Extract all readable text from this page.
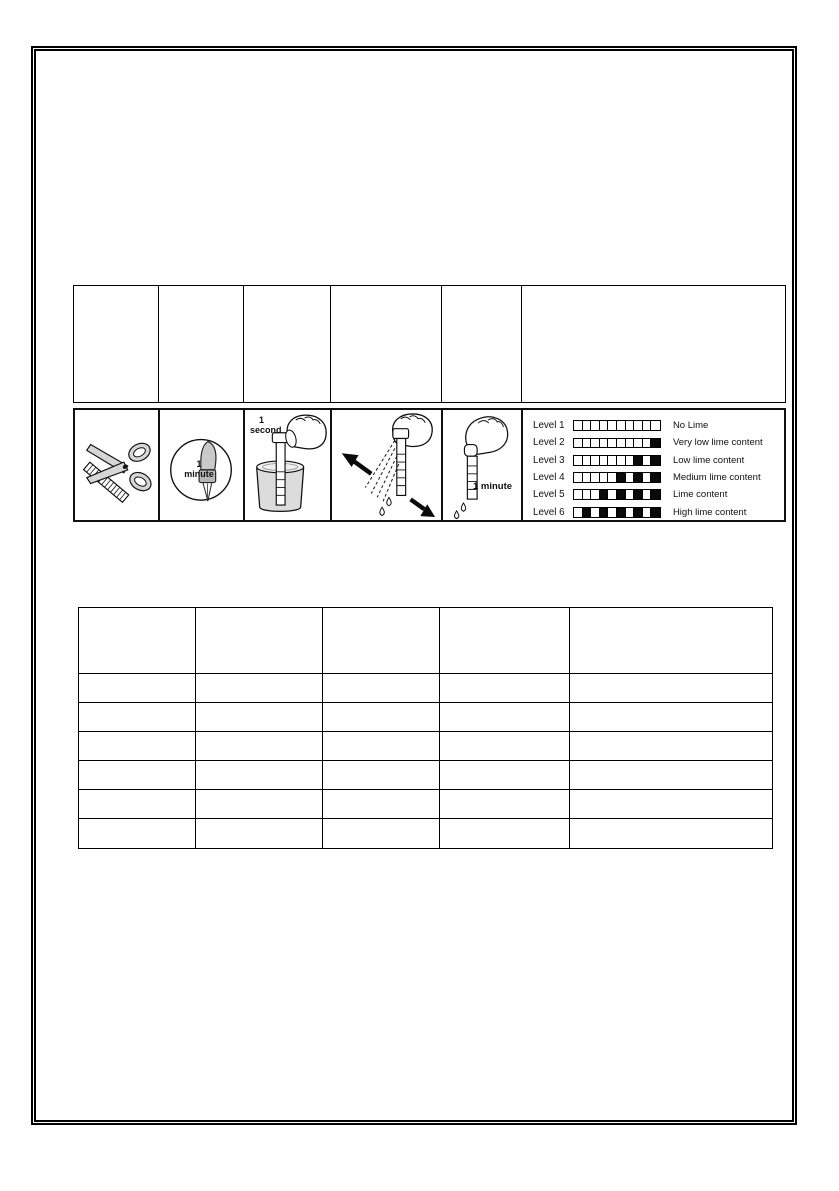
1
minute
1
second
1 minute
Level 1	No Lime
Level 2	Very low lime content
Level 3	Low lime content
Level 4	Medium lime content
Level 5	Lime content
Level 6	High lime content
